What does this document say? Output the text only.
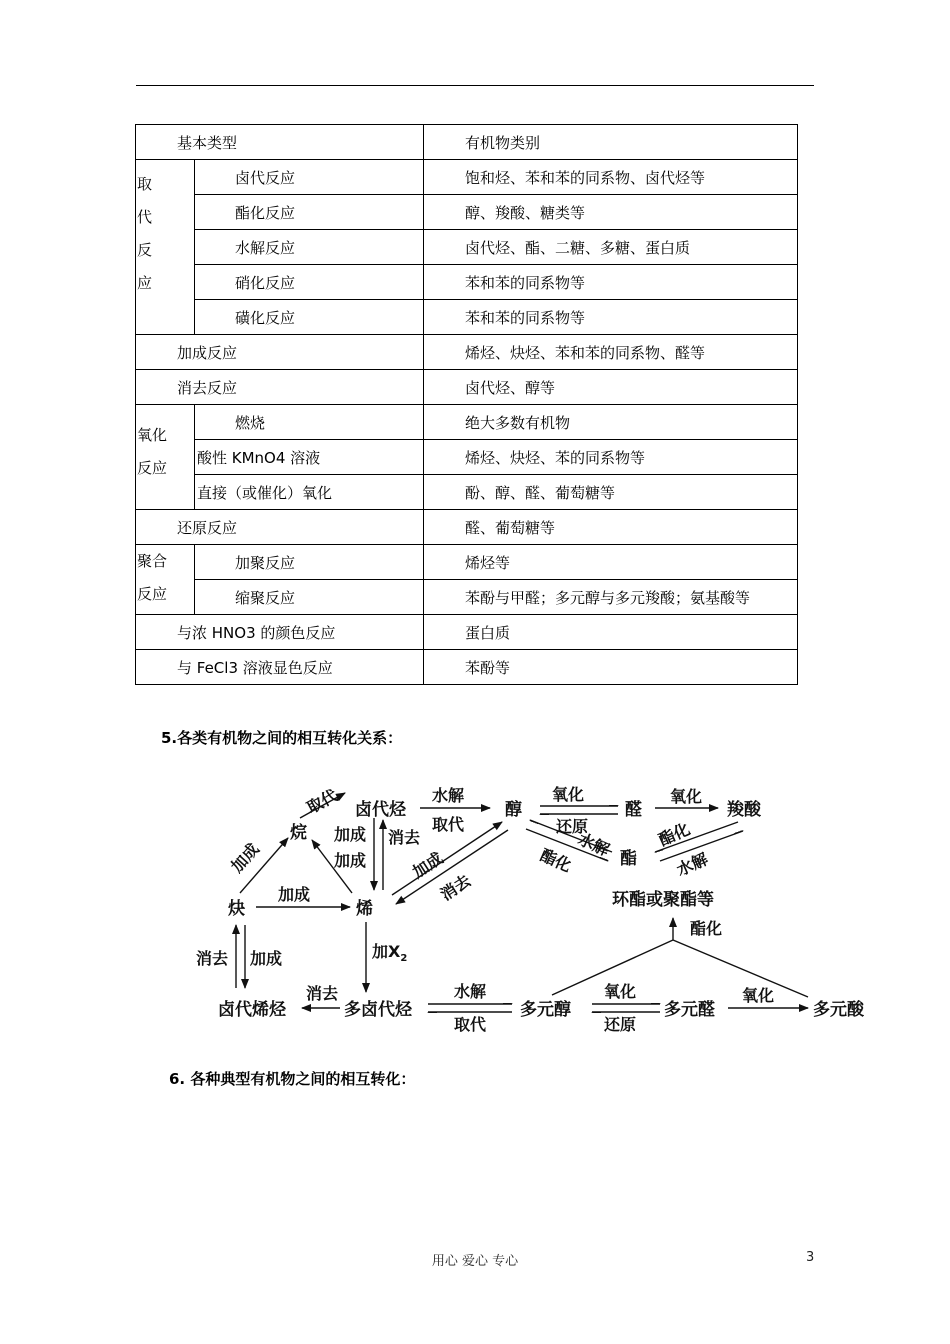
基本类型		有机物类别
取
代
反
应	卤代反应	饱和烃、苯和苯的同系物、卤代烃等
	酯化反应	醇、羧酸、糖类等
	水解反应	卤代烃、酯、二糖、多糖、蛋白质
	硝化反应	苯和苯的同系物等
	磺化反应	苯和苯的同系物等
加成反应		烯烃、炔烃、苯和苯的同系物、醛等
消去反应		卤代烃、醇等
氧化
反应	燃烧	绝大多数有机物
	酸性 KMnO4 溶液	烯烃、炔烃、苯的同系物等
	直接（或催化）氧化	酚、醇、醛、葡萄糖等
还原反应		醛、葡萄糖等
聚合
反应	加聚反应	烯烃等
	缩聚反应	苯酚与甲醛；多元醇与多元羧酸；氨基酸等
与浓 HNO3 的颜色反应		蛋白质
与 FeCl3 溶液显色反应		苯酚等
5.各类有机物之间的相互转化关系：
卤代烃
烷
醇	醛	羧酸
酯
炔	烯	环酯或聚酯等
卤代烯烃	多卤代烃	多元醇	多元醛	多元酸
取代
加成
加成
加成
消去
水解
取代
加成
消去
氧化
还原
氧化
水解
酯化
酯化
水解
加成
消去 加成	加$X_2$
消去	水解
取代
氧化
还原
酯化
氧化
6. 各种典型有机物之间的相互转化：
用心 爱心 专心	3
